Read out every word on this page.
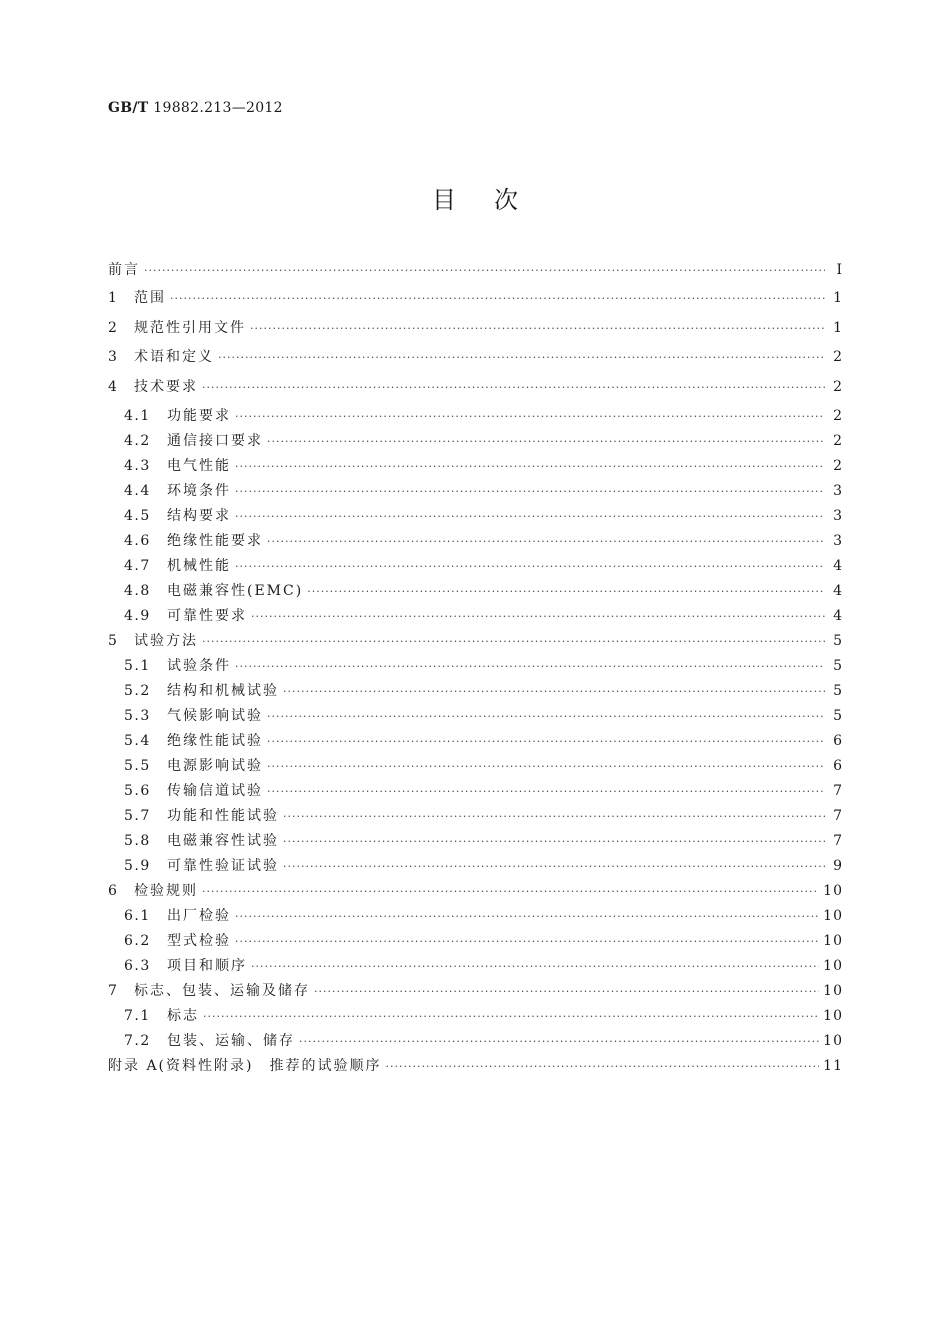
GB/T 19882.213—2012
目次
前言 ·····	Ⅰ
1	范围 ·····	1
2	规范性引用文件 ·····	1
3	术语和定义 ·····	2
4	技术要求 ·····	2
4.1	功能要求 ·····	2
4.2	通信接口要求 ·····	2
4.3	电气性能 ·····	2
4.4	环境条件 ·····	3
4.5	结构要求 ·····	3
4.6	绝缘性能要求 ·····	3
4.7	机械性能 ·····	4
4.8	电磁兼容性(EMC) ·····	4
4.9	可靠性要求 ·····	4
5	试验方法 ·····	5
5.1	试验条件 ·····	5
5.2	结构和机械试验 ·····	5
5.3	气候影响试验 ·····	5
5.4	绝缘性能试验 ·····	6
5.5	电源影响试验 ·····	6
5.6	传输信道试验 ·····	7
5.7	功能和性能试验 ·····	7
5.8	电磁兼容性试验 ·····	7
5.9	可靠性验证试验 ·····	9
6	检验规则 ·····	10
6.1	出厂检验 ·····	10
6.2	型式检验 ·····	10
6.3	项目和顺序 ·····	10
7	标志、包装、运输及储存 ·····	10
7.1	标志 ·····	10
7.2	包装、运输、储存 ·····	10
附录 A(资料性附录)　推荐的试验顺序 ·····	11
